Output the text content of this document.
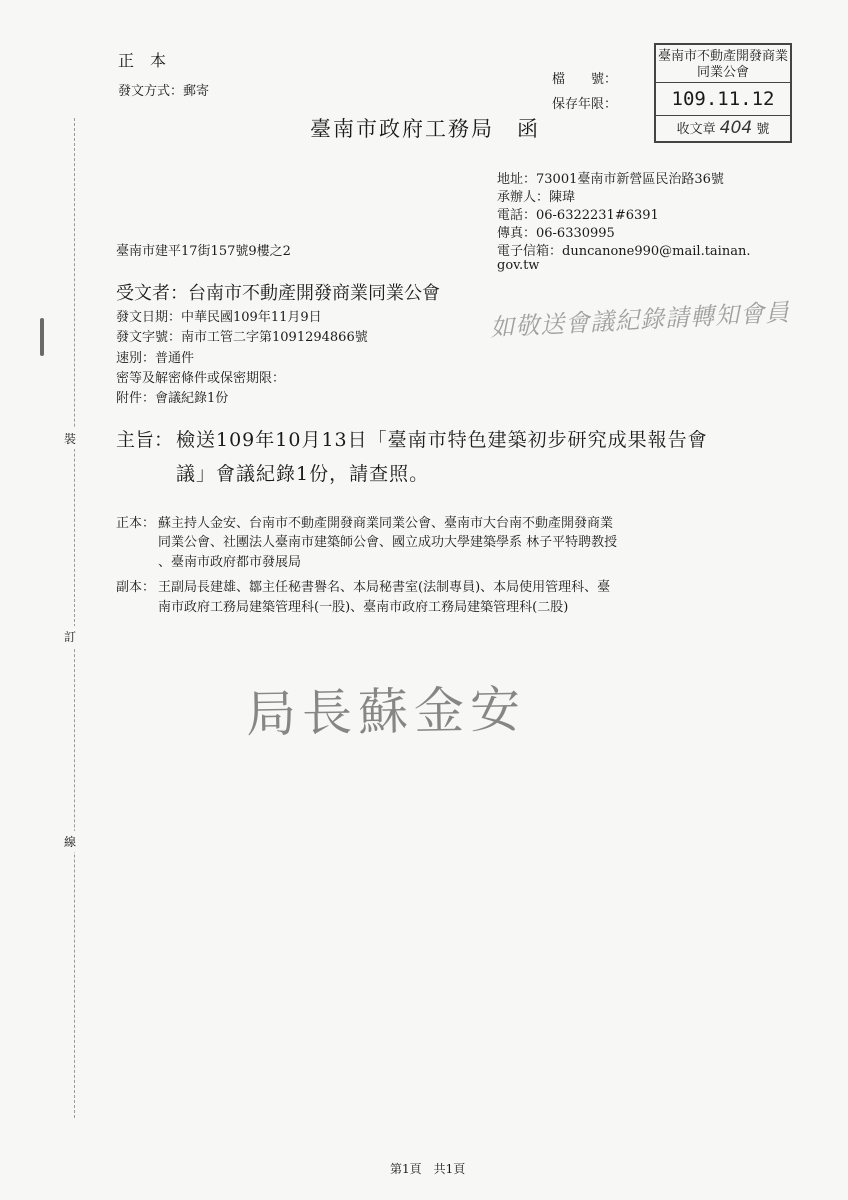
裝
訂
線
正　本
發文方式：郵寄
檔　　號：
保存年限：
臺南市不動產開發商業同業公會
109.11.12
收文章 404 號
臺南市政府工務局　函
地址：73001臺南市新營區民治路36號
承辦人：陳瑋
電話：06-6322231#6391
傳真：06-6330995
電子信箱：duncanone990@mail.tainan.
gov.tw
臺南市建平17街157號9樓之2
受文者：台南市不動產開發商業同業公會
發文日期：中華民國109年11月9日
發文字號：南市工管二字第1091294866號
速別：普通件
密等及解密條件或保密期限：
附件：會議紀錄1份
如敬送會議紀錄請轉知會員
主旨： 檢送109年10月13日「臺南市特色建築初步研究成果報告會
議」會議紀錄1份，請查照。
正本： 蘇主持人金安、台南市不動產開發商業同業公會、臺南市大台南不動產開發商業
同業公會、社團法人臺南市建築師公會、國立成功大學建築學系 林子平特聘教授
、臺南市政府都市發展局
副本： 王副局長建雄、鄒主任秘書譽名、本局秘書室(法制專員)、本局使用管理科、臺
南市政府工務局建築管理科(一股)、臺南市政府工務局建築管理科(二股)
局長蘇金安
第1頁　共1頁
